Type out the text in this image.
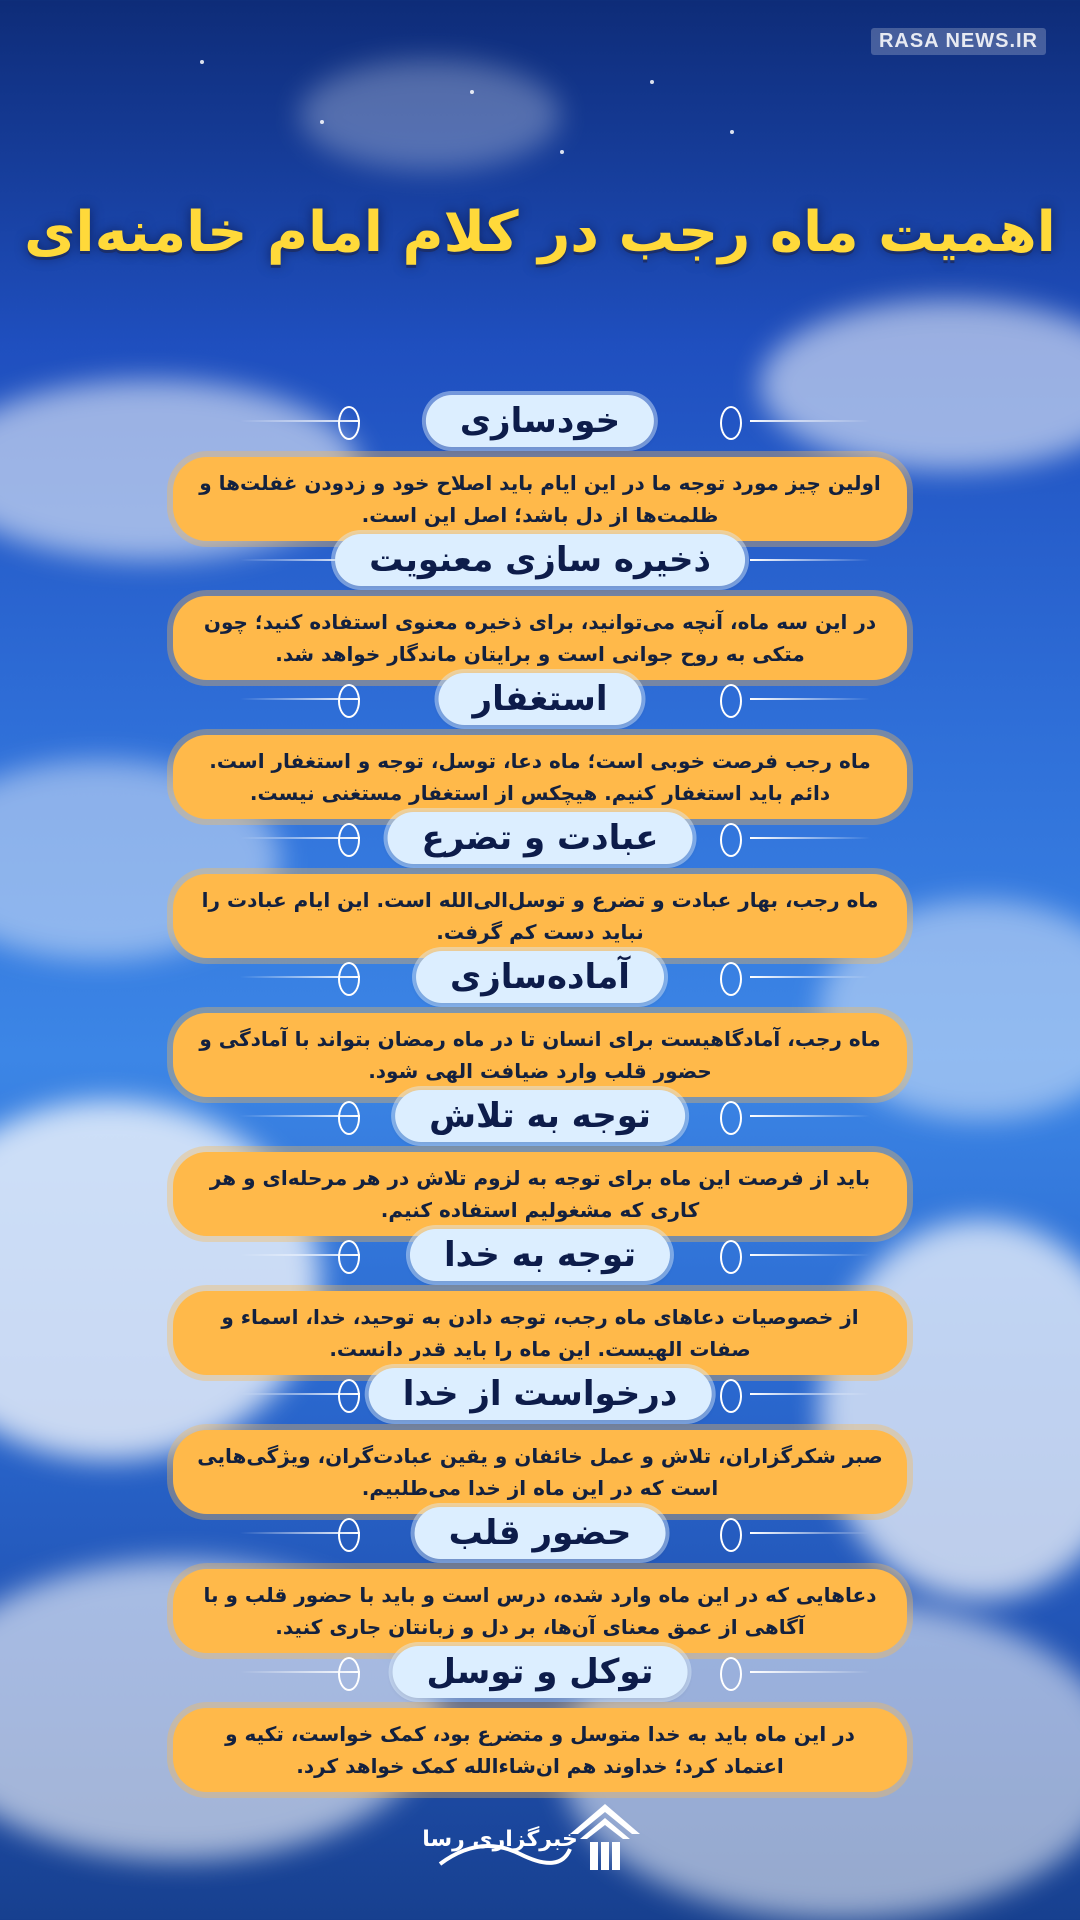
RASA NEWS.IR
اهمیت ماه رجب در کلام امام خامنه‌ای
خودسازی
اولین چیز مورد توجه ما در این ایام باید اصلاح خود و زدودن غفلت‌ها و ظلمت‌ها از دل باشد؛ اصل این است.
ذخیره سازی معنویت
در این سه ماه، آنچه می‌توانید، برای ذخیره معنوی استفاده کنید؛ چون متکی به روح جوانی است و برایتان ماندگار خواهد شد.
استغفار
ماه رجب فرصت خوبی است؛ ماه دعا، توسل، توجه و استغفار است. دائم باید استغفار کنیم. هیچکس از استغفار مستغنی نیست.
عبادت و تضرع
ماه رجب، بهار عبادت و تضرع و توسل‌الی‌الله است. این ایام عبادت را نباید دست کم گرفت.
آماده‌سازی
ماه رجب، آمادگاهیست برای انسان تا در ماه رمضان بتواند با آمادگی و حضور قلب وارد ضیافت الهی شود.
توجه به تلاش
باید از فرصت این ماه برای توجه به لزوم تلاش در هر مرحله‌ای و هر کاری که مشغولیم استفاده کنیم.
توجه به خدا
از خصوصیات دعاهای ماه رجب، توجه دادن به توحید، خدا، اسماء و صفات الهیست. این ماه را باید قدر دانست.
درخواست از خدا
صبر شکرگزاران، تلاش و عمل خائفان و یقین عبادت‌گران، ویژگی‌هایی است که در این ماه از خدا می‌طلبیم.
حضور قلب
دعاهایی که در این ماه وارد شده، درس است و باید با حضور قلب و با آگاهی از عمق معنای آن‌ها، بر دل و زبانتان جاری کنید.
توکل و توسل
در این ماه باید به خدا متوسل و متضرع بود، کمک خواست، تکیه و اعتماد کرد؛ خداوند هم ان‌شاءالله کمک خواهد کرد.
خبرگزاری رسا
